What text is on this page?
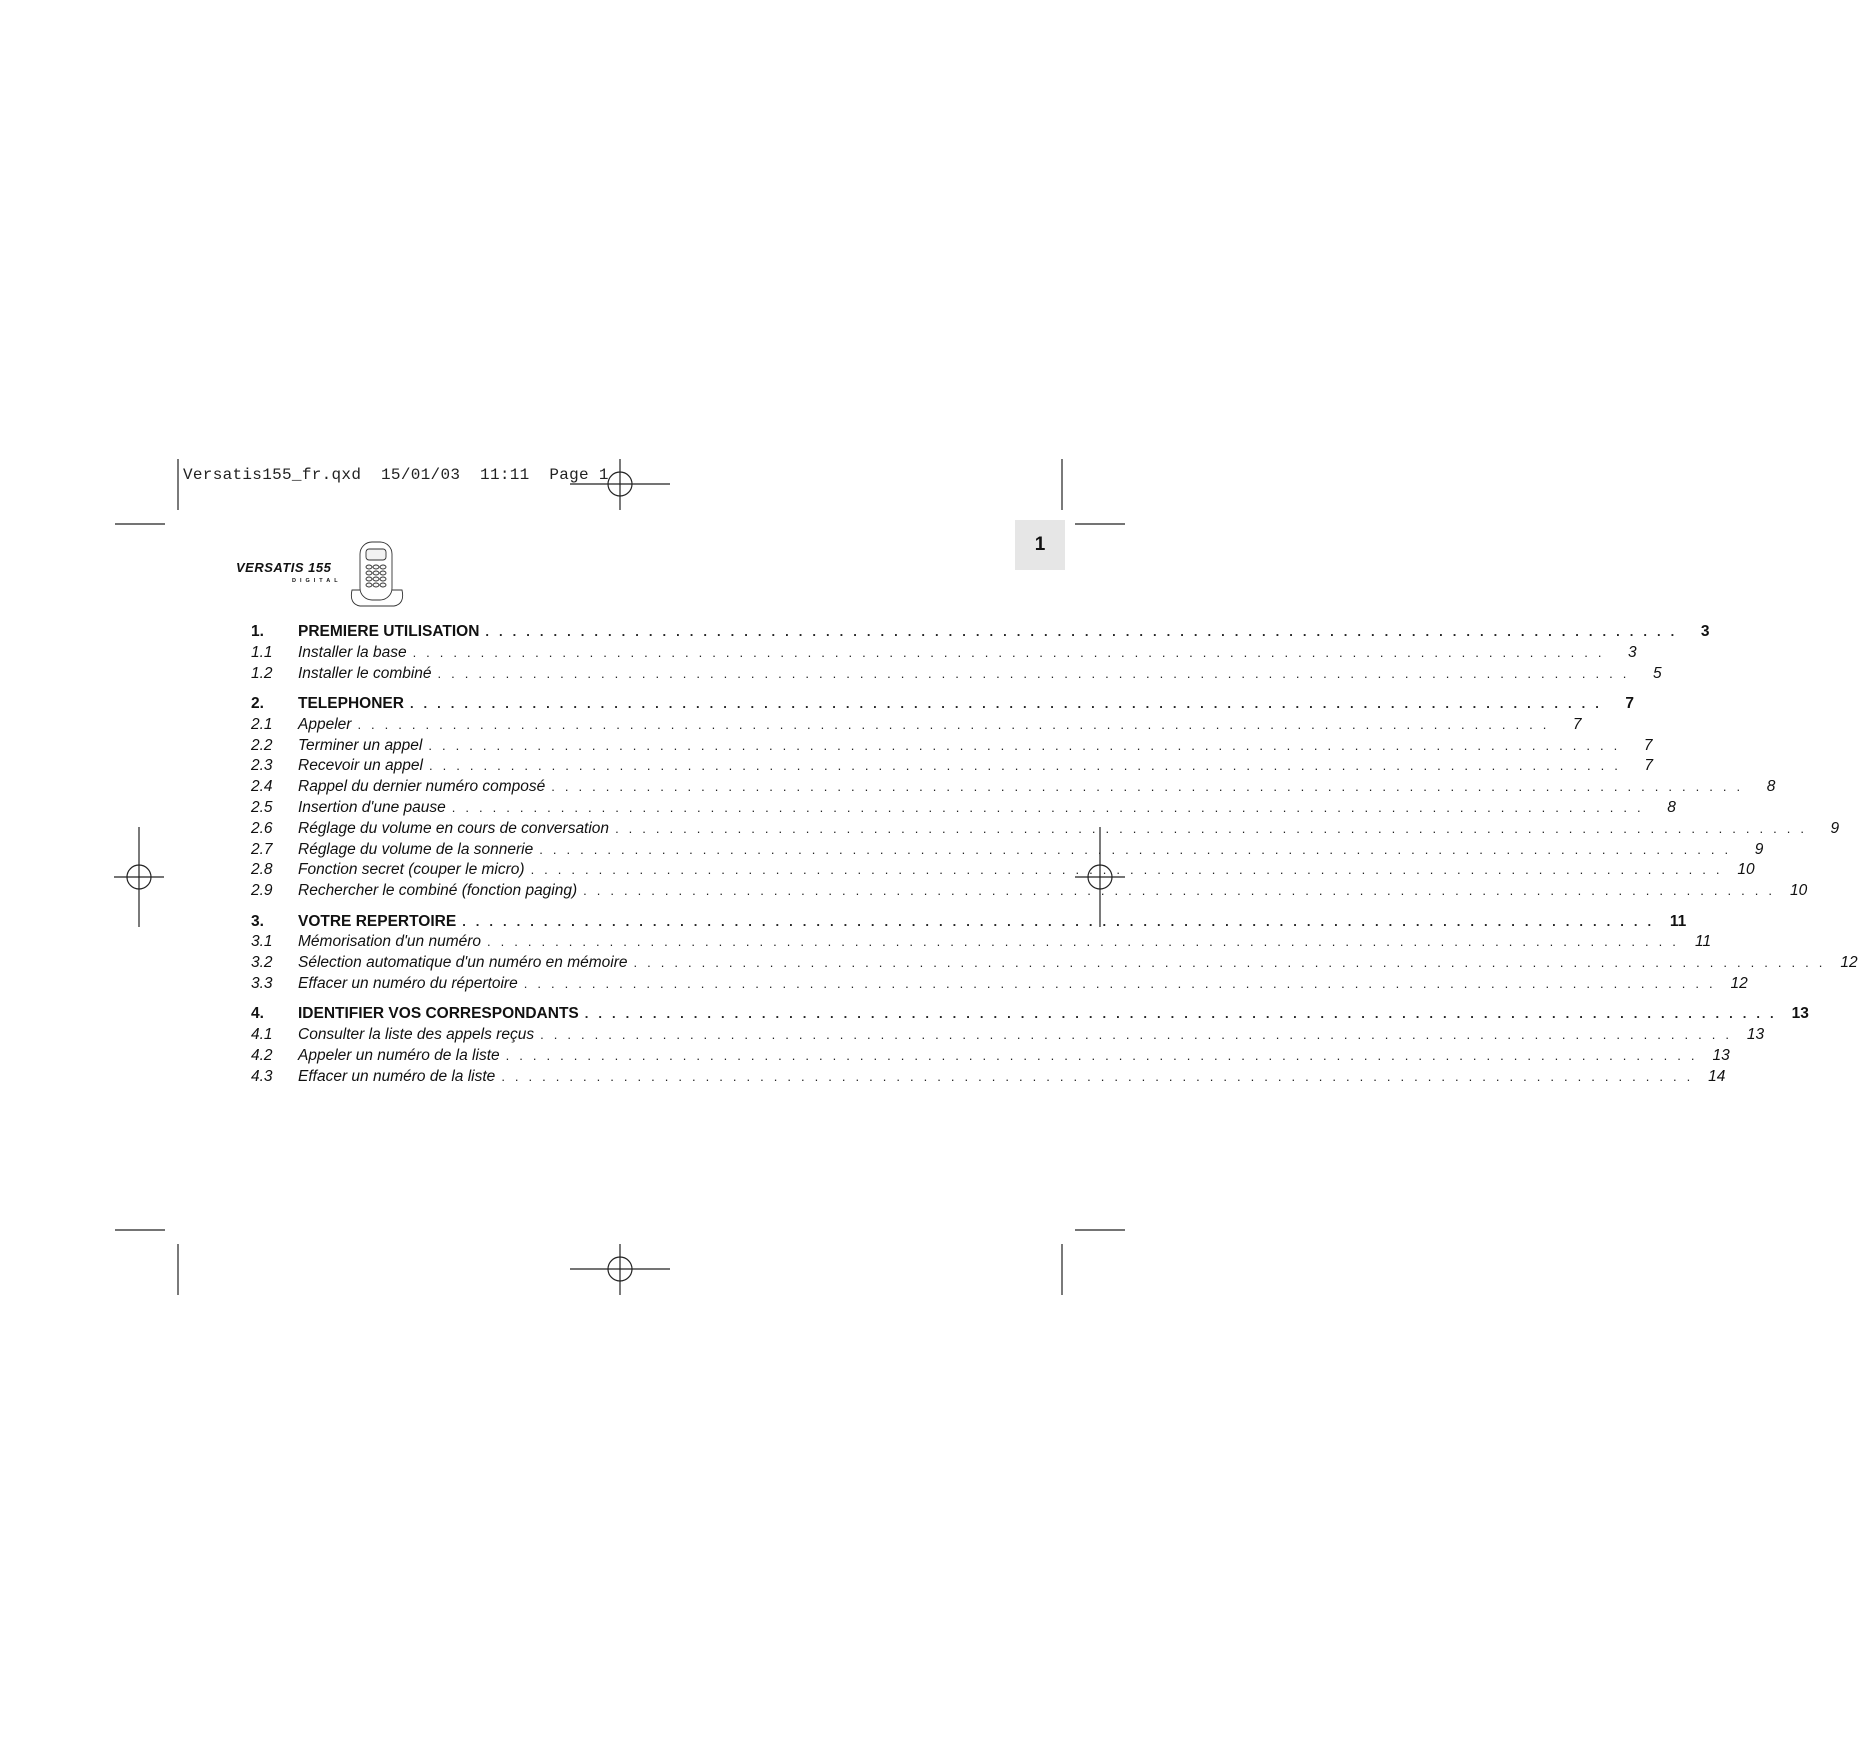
Versatis155_fr.qxd  15/01/03  11:11  Page 1
1
VERSATIS 155
DIGITAL
1.	PREMIERE UTILISATION . . . . . . . . . . . . . . . . . . . . . . . . . . . . . . . . . . . . . . . . . . . . . . . . . . . . . . . . . . . . . . . . . . . . . . . . . . . . . . . . . . . . . . . .	3
1.1	Installer la base . . . . . . . . . . . . . . . . . . . . . . . . . . . . . . . . . . . . . . . . . . . . . . . . . . . . . . . . . . . . . . . . . . . . . . . . . . . . . . . . . . . . . . . .	3
1.2	Installer le combiné . . . . . . . . . . . . . . . . . . . . . . . . . . . . . . . . . . . . . . . . . . . . . . . . . . . . . . . . . . . . . . . . . . . . . . . . . . . . . . . . . . . . . . . .	5
2.	TELEPHONER . . . . . . . . . . . . . . . . . . . . . . . . . . . . . . . . . . . . . . . . . . . . . . . . . . . . . . . . . . . . . . . . . . . . . . . . . . . . . . . . . . . . . . . .	7
2.1	Appeler . . . . . . . . . . . . . . . . . . . . . . . . . . . . . . . . . . . . . . . . . . . . . . . . . . . . . . . . . . . . . . . . . . . . . . . . . . . . . . . . . . . . . . . .	7
2.2	Terminer un appel . . . . . . . . . . . . . . . . . . . . . . . . . . . . . . . . . . . . . . . . . . . . . . . . . . . . . . . . . . . . . . . . . . . . . . . . . . . . . . . . . . . . . . . .	7
2.3	Recevoir un appel . . . . . . . . . . . . . . . . . . . . . . . . . . . . . . . . . . . . . . . . . . . . . . . . . . . . . . . . . . . . . . . . . . . . . . . . . . . . . . . . . . . . . . . .	7
2.4	Rappel du dernier numéro composé . . . . . . . . . . . . . . . . . . . . . . . . . . . . . . . . . . . . . . . . . . . . . . . . . . . . . . . . . . . . . . . . . . . . . . . . . . . . . . . . . . . . . . . .	8
2.5	Insertion d'une pause . . . . . . . . . . . . . . . . . . . . . . . . . . . . . . . . . . . . . . . . . . . . . . . . . . . . . . . . . . . . . . . . . . . . . . . . . . . . . . . . . . . . . . . .	8
2.6	Réglage du volume en cours de conversation . . . . . . . . . . . . . . . . . . . . . . . . . . . . . . . . . . . . . . . . . . . . . . . . . . . . . . . . . . . . . . . . . . . . . . . . . . . . . . . . . . . . . . . .	9
2.7	Réglage du volume de la sonnerie . . . . . . . . . . . . . . . . . . . . . . . . . . . . . . . . . . . . . . . . . . . . . . . . . . . . . . . . . . . . . . . . . . . . . . . . . . . . . . . . . . . . . . . .	9
2.8	Fonction secret (couper le micro) . . . . . . . . . . . . . . . . . . . . . . . . . . . . . . . . . . . . . . . . . . . . . . . . . . . . . . . . . . . . . . . . . . . . . . . . . . . . . . . . . . . . . . . . 10
2.9	Rechercher le combiné (fonction paging) . . . . . . . . . . . . . . . . . . . . . . . . . . . . . . . . . . . . . . . . . . . . . . . . . . . . . . . . . . . . . . . . . . . . . . . . . . . . . . . . . . . . . . . . 10
3.	VOTRE REPERTOIRE . . . . . . . . . . . . . . . . . . . . . . . . . . . . . . . . . . . . . . . . . . . . . . . . . . . . . . . . . . . . . . . . . . . . . . . . . . . . . . . . . . . . . . . .	11
3.1	Mémorisation d'un numéro . . . . . . . . . . . . . . . . . . . . . . . . . . . . . . . . . . . . . . . . . . . . . . . . . . . . . . . . . . . . . . . . . . . . . . . . . . . . . . . . . . . . . . . .	11
3.2	Sélection automatique d'un numéro en mémoire . . . . . . . . . . . . . . . . . . . . . . . . . . . . . . . . . . . . . . . . . . . . . . . . . . . . . . . . . . . . . . . . . . . . . . . . . . . . . . . . . . . . . . . . 12
3.3	Effacer un numéro du répertoire . . . . . . . . . . . . . . . . . . . . . . . . . . . . . . . . . . . . . . . . . . . . . . . . . . . . . . . . . . . . . . . . . . . . . . . . . . . . . . . . . . . . . . . . 12
4.	IDENTIFIER VOS CORRESPONDANTS . . . . . . . . . . . . . . . . . . . . . . . . . . . . . . . . . . . . . . . . . . . . . . . . . . . . . . . . . . . . . . . . . . . . . . . . . . . . . . . . . . . . . . . . 13
4.1	Consulter la liste des appels reçus . . . . . . . . . . . . . . . . . . . . . . . . . . . . . . . . . . . . . . . . . . . . . . . . . . . . . . . . . . . . . . . . . . . . . . . . . . . . . . . . . . . . . . . . 13
4.2	Appeler un numéro de la liste . . . . . . . . . . . . . . . . . . . . . . . . . . . . . . . . . . . . . . . . . . . . . . . . . . . . . . . . . . . . . . . . . . . . . . . . . . . . . . . . . . . . . . . . 13
4.3	Effacer un numéro de la liste . . . . . . . . . . . . . . . . . . . . . . . . . . . . . . . . . . . . . . . . . . . . . . . . . . . . . . . . . . . . . . . . . . . . . . . . . . . . . . . . . . . . . . . . 14
